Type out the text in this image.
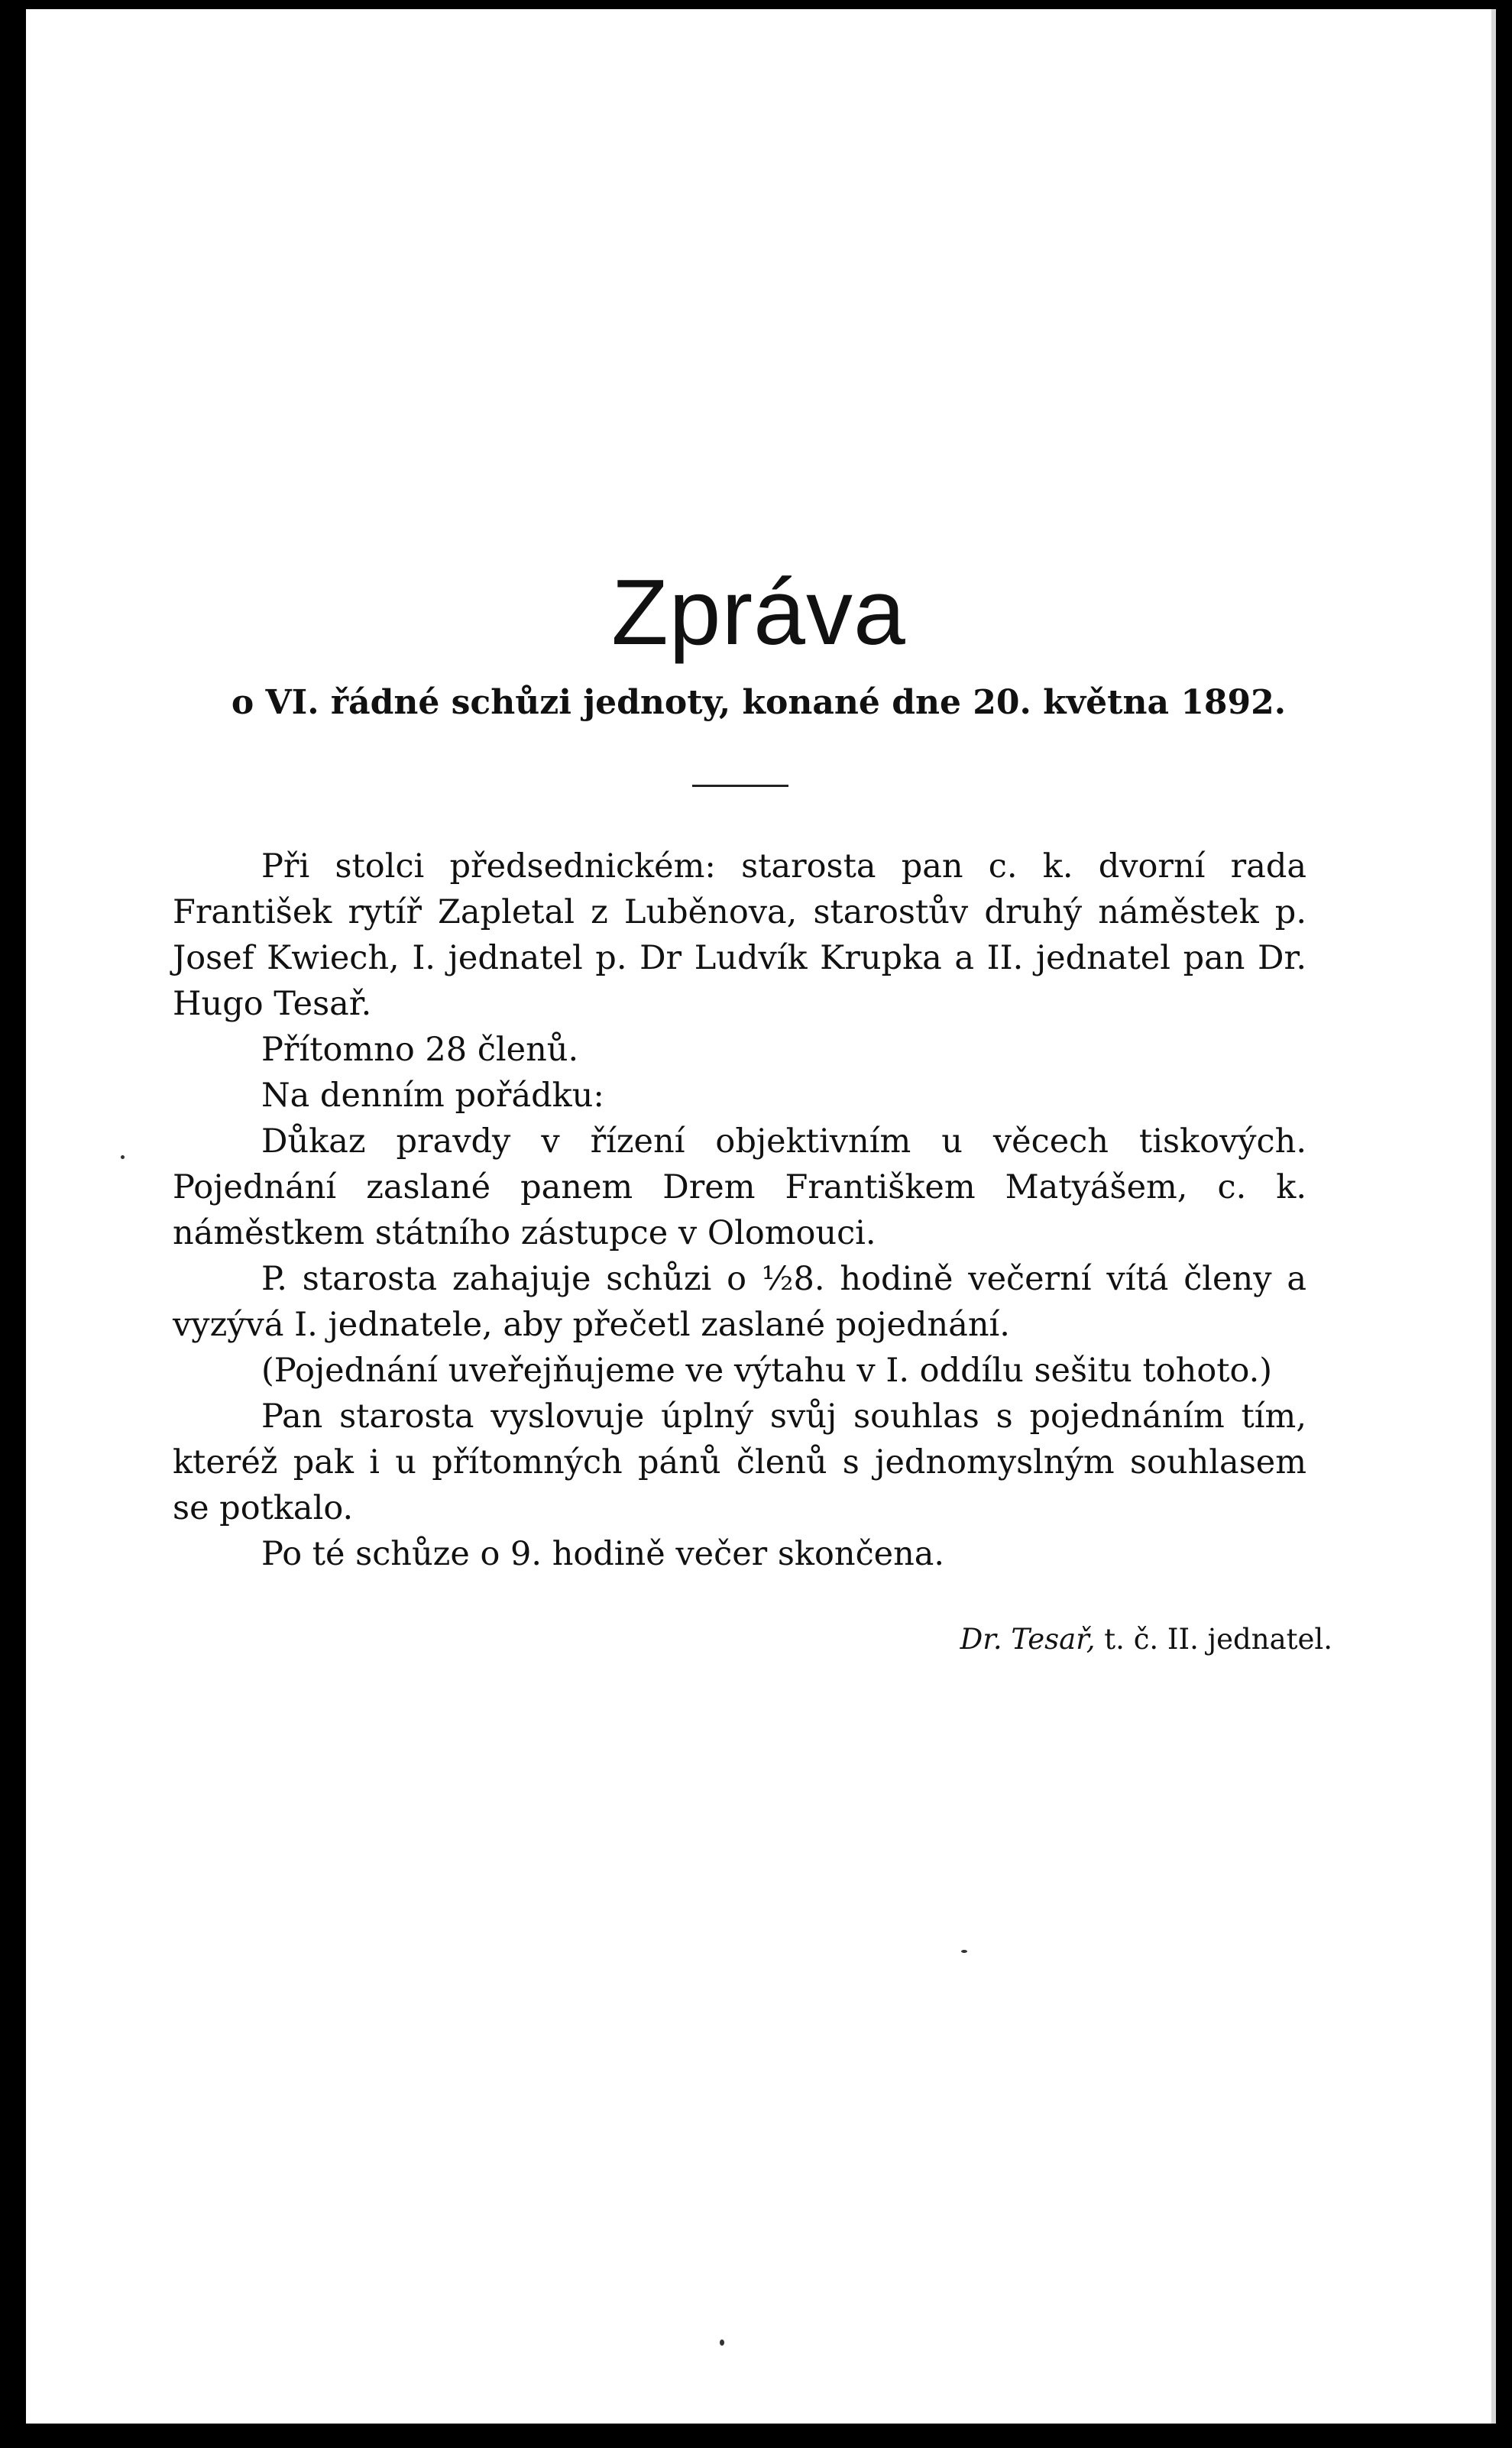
Zpráva
o VI. řádné schůzi jednoty, konané dne 20. května 1892.
Při stolci předsednickém: starosta pan c. k. dvorní rada František rytíř Zapletal z Luběnova, starostův druhý náměstek p. Josef Kwiech, I. jednatel p. Dr Ludvík Krupka a II. jednatel pan Dr. Hugo Tesař.
Přítomno 28 členů.
Na denním pořádku:
Důkaz pravdy v řízení objektivním u věcech tiskových. Pojednání zaslané panem Drem Františkem Matyášem, c. k. náměstkem státního zástupce v Olomouci.
P. starosta zahajuje schůzi o ½8. hodině večerní vítá členy a vyzývá I. jednatele, aby přečetl zaslané pojednání.
(Pojednání uveřejňujeme ve výtahu v I. oddílu sešitu tohoto.)
Pan starosta vyslovuje úplný svůj souhlas s pojednáním tím, kteréž pak i u přítomných pánů členů s jednomyslným souhlasem se potkalo.
Po té schůze o 9. hodině večer skončena.
Dr. Tesař, t. č. II. jednatel.
